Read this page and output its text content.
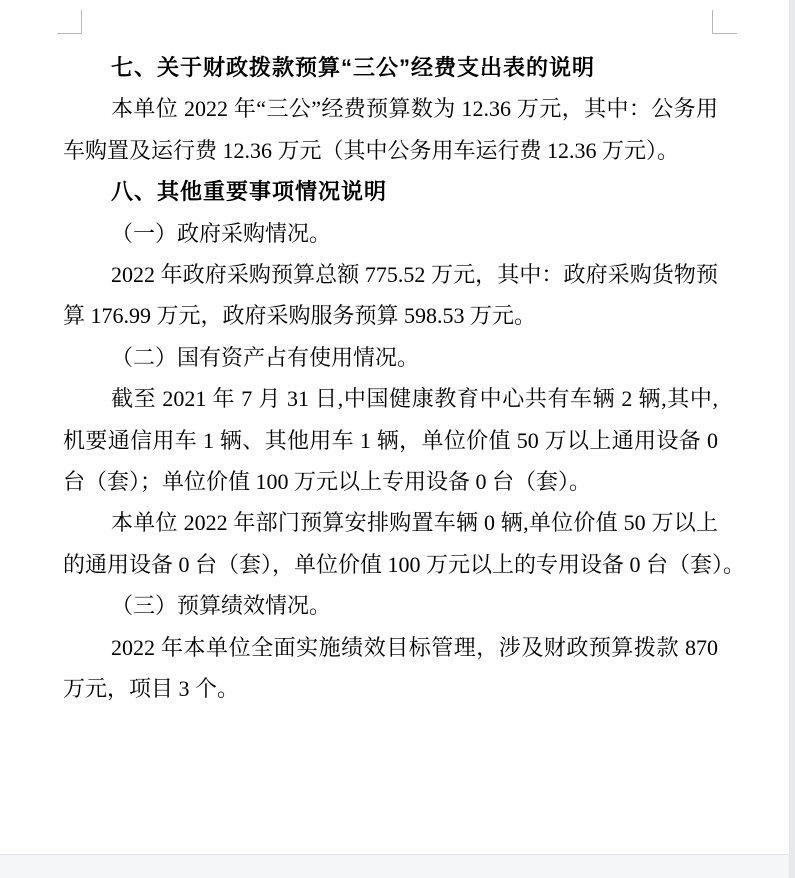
七、关于财政拨款预算“三公”经费支出表的说明
本单位 2022 年“三公”经费预算数为 12.36 万元，其中：公务用
车购置及运行费 12.36 万元（其中公务用车运行费 12.36 万元）。
八、其他重要事项情况说明
（一）政府采购情况。
2022 年政府采购预算总额 775.52 万元，其中：政府采购货物预
算 176.99 万元，政府采购服务预算 598.53 万元。
（二）国有资产占有使用情况。
截至 2021 年 7 月 31 日,中国健康教育中心共有车辆 2 辆,其中,
机要通信用车 1 辆、其他用车 1 辆，单位价值 50 万以上通用设备 0
台（套）；单位价值 100 万元以上专用设备 0 台（套）。
本单位 2022 年部门预算安排购置车辆 0 辆,单位价值 50 万以上
的通用设备 0 台（套），单位价值 100 万元以上的专用设备 0 台（套）。
（三）预算绩效情况。
2022 年本单位全面实施绩效目标管理，涉及财政预算拨款 870
万元，项目 3 个。
